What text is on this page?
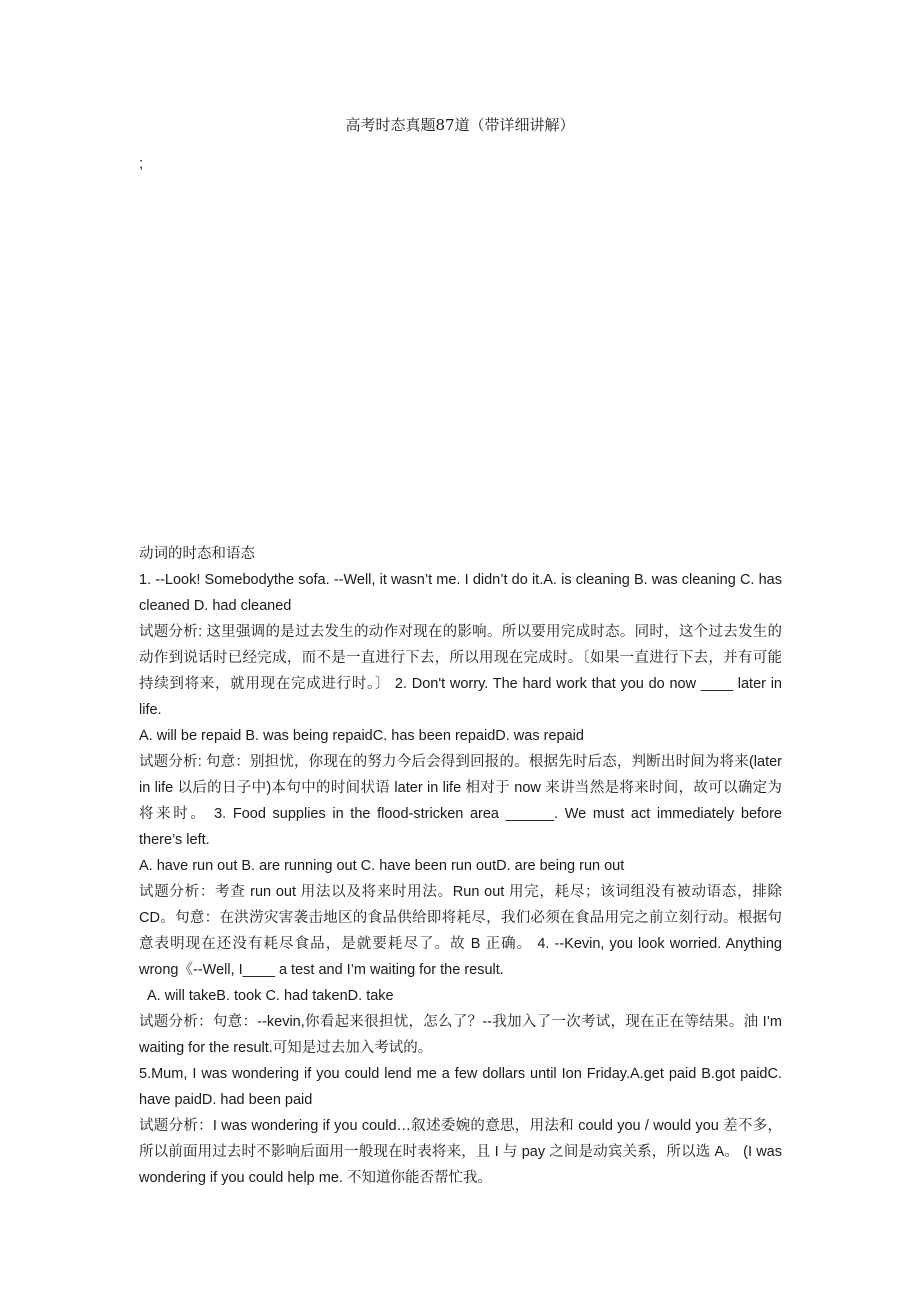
高考时态真题87道（带详细讲解）
;

动词的时态和语态

1. --Look! Somebodythe sofa. --Well, it wasn’t me. I didn’t do it.A. is cleaning B. was cleaning C. has cleaned D. had cleaned

试题分析: 这里强调的是过去发生的动作对现在的影响。所以要用完成时态。同时，这个过去发生的动作到说话时已经完成，而不是一直进行下去，所以用现在完成时。〔如果一直进行下去，并有可能持续到将来，就用现在完成进行时。〕 2. Don't worry. The hard work that you do now ____ later in life.

A. will be repaid B. was being repaidC. has been repaidD. was repaid

试题分析: 句意：别担忧，你现在的努力今后会得到回报的。根据先时后态，判断出时间为将来(later in life 以后的日子中)本句中的时间状语 later in life 相对于 now 来讲当然是将来时间，故可以确定为将来时。 3. Food supplies in the flood-stricken area ______. We must act immediately before there’s left.

A. have run out B. are running out C. have been run outD. are being run out

试题分析：考查 run out 用法以及将来时用法。Run out 用完，耗尽；该词组没有被动语态，排除 CD。句意：在洪涝灾害袭击地区的食品供给即将耗尽，我们必须在食品用完之前立刻行动。根据句意表明现在还没有耗尽食品，是就要耗尽了。故 B 正确。 4. --Kevin, you look worried. Anything wrong《--Well, I____ a test and I’m waiting for the result.

A. will takeB. took C. had takenD. take

试题分析：句意：--kevin,你看起来很担忧，怎么了？--我加入了一次考试，现在正在等结果。油 I’m waiting for the result.可知是过去加入考试的。

5.Mum, I was wondering if you could lend me a few dollars until Ion Friday.A.get paid B.got paidC. have paidD. had been paid

试题分析：I was wondering if you could…叙述委婉的意思，用法和 could you / would you 差不多，所以前面用过去时不影响后面用一般现在时表将来，且 I 与 pay 之间是动宾关系，所以选 A。 (I was wondering if you could help me. 不知道你能否帮忙我。
